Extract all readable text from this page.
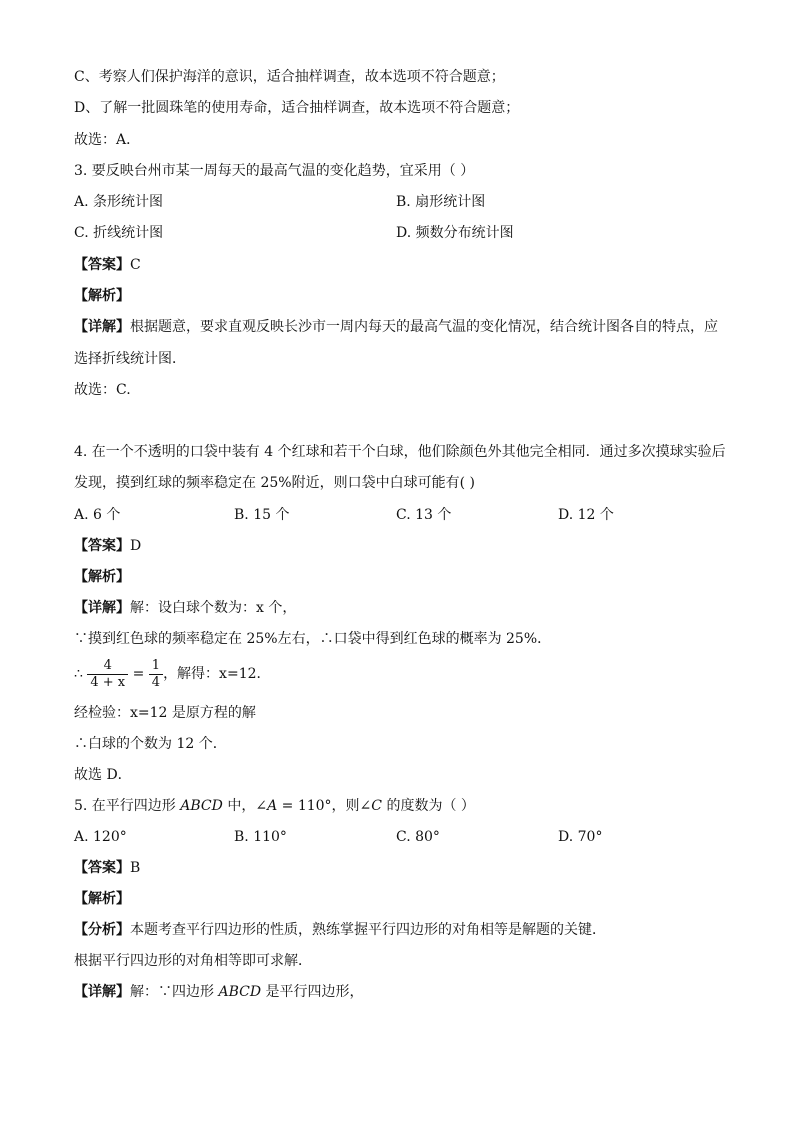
C、考察人们保护海洋的意识，适合抽样调查，故本选项不符合题意；
D、了解一批圆珠笔的使用寿命，适合抽样调查，故本选项不符合题意；
故选：A．
3. 要反映台州市某一周每天的最高气温的变化趋势，宜采用（ ）
A. 条形统计图	B. 扇形统计图
C. 折线统计图	D. 频数分布统计图
【答案】C
【解析】
【详解】根据题意，要求直观反映长沙市一周内每天的最高气温的变化情况，结合统计图各自的特点，应
选择折线统计图．
故选：C.
4. 在一个不透明的口袋中装有 4 个红球和若干个白球，他们除颜色外其他完全相同．通过多次摸球实验后
发现，摸到红球的频率稳定在 25%附近，则口袋中白球可能有( )
A. 6 个	B. 15 个	C. 13 个	D. 12 个
【答案】D
【解析】
【详解】解：设白球个数为：x 个，
∵摸到红色球的频率稳定在 25%左右，∴口袋中得到红色球的概率为 25%．
∴ $\frac{4}{4 + x} = \frac{1}{4}$ ，解得：x=12．
经检验：x=12 是原方程的解
∴白球的个数为 12 个．
故选 D．
5. 在平行四边形 ABCD 中，∠A = 110°，则∠C 的度数为（ ）
A. 120°	B. 110°	C. 80°	D. 70°
【答案】B
【解析】
【分析】本题考查平行四边形的性质，熟练掌握平行四边形的对角相等是解题的关键．
根据平行四边形的对角相等即可求解．
【详解】解：∵四边形 ABCD 是平行四边形，
